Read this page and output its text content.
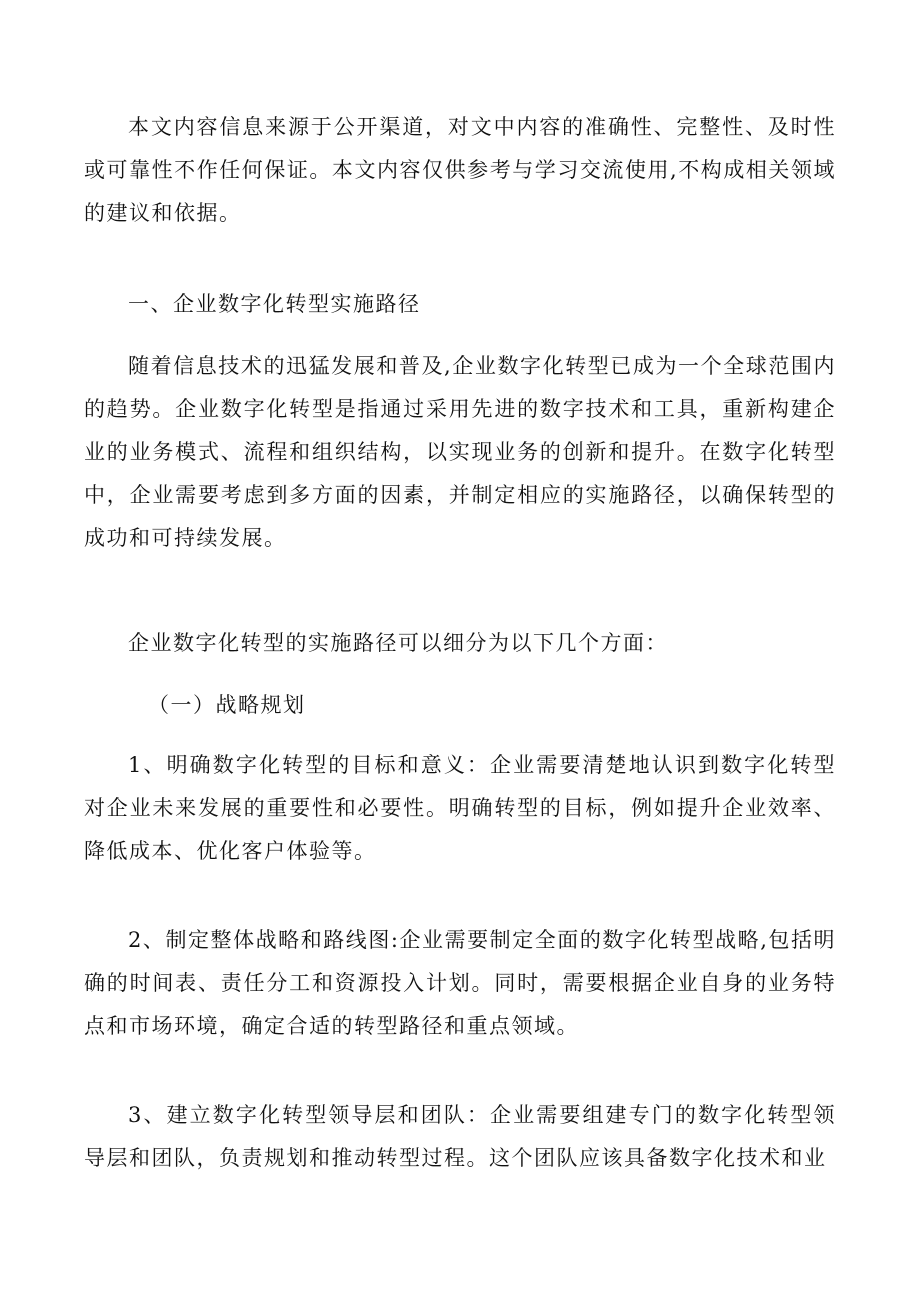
本文内容信息来源于公开渠道，对文中内容的准确性、完整性、及时性或可靠性不作任何保证。本文内容仅供参考与学习交流使用,不构成相关领域的建议和依据。

一、企业数字化转型实施路径

随着信息技术的迅猛发展和普及,企业数字化转型已成为一个全球范围内的趋势。企业数字化转型是指通过采用先进的数字技术和工具，重新构建企业的业务模式、流程和组织结构，以实现业务的创新和提升。在数字化转型中，企业需要考虑到多方面的因素，并制定相应的实施路径，以确保转型的成功和可持续发展。

企业数字化转型的实施路径可以细分为以下几个方面：

（一）战略规划

1、明确数字化转型的目标和意义：企业需要清楚地认识到数字化转型对企业未来发展的重要性和必要性。明确转型的目标，例如提升企业效率、降低成本、优化客户体验等。

2、制定整体战略和路线图:企业需要制定全面的数字化转型战略,包括明确的时间表、责任分工和资源投入计划。同时，需要根据企业自身的业务特点和市场环境，确定合适的转型路径和重点领域。

3、建立数字化转型领导层和团队：企业需要组建专门的数字化转型领导层和团队，负责规划和推动转型过程。这个团队应该具备数字化技术和业
